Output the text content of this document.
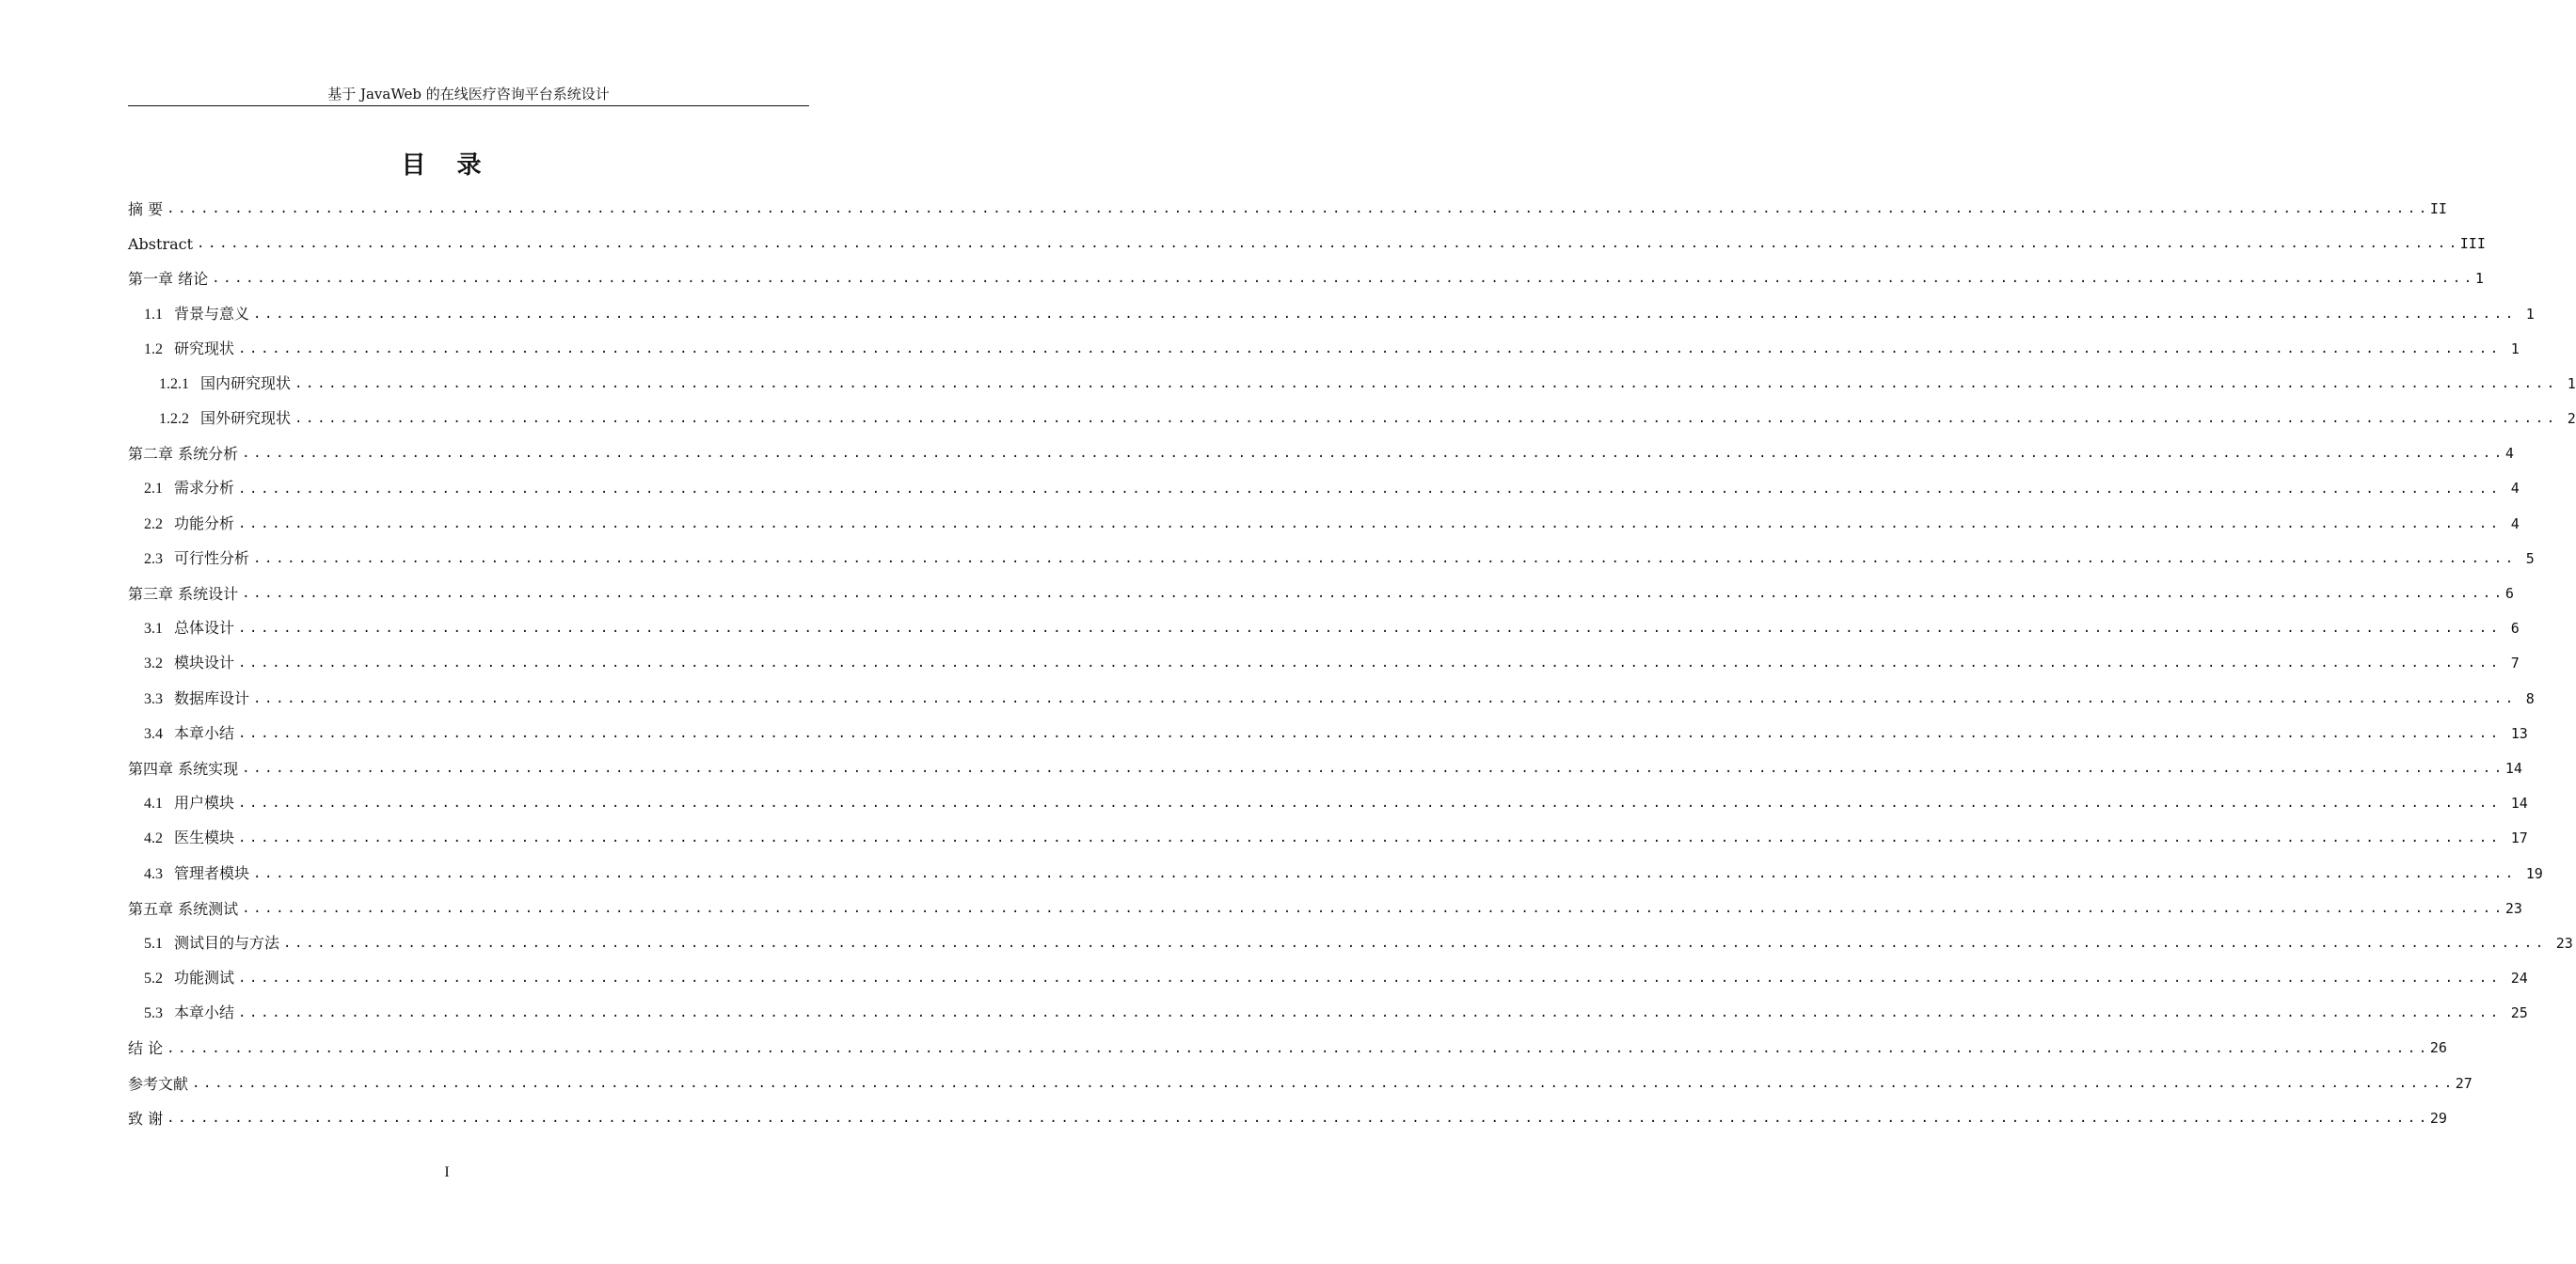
基于 JavaWeb 的在线医疗咨询平台系统设计
目 录
摘 要 ........................................................................................................................................................................................................ II
Abstract ........................................................................................................................................................................................................ III
第一章 绪论 ........................................................................................................................................................................................................ 1
1.1 背景与意义 ........................................................................................................................................................................................................ 1
1.2 研究现状 ........................................................................................................................................................................................................ 1
1.2.1 国内研究现状 ........................................................................................................................................................................................................ 1
1.2.2 国外研究现状 ........................................................................................................................................................................................................ 2
第二章 系统分析 ........................................................................................................................................................................................................ 4
2.1 需求分析 ........................................................................................................................................................................................................ 4
2.2 功能分析 ........................................................................................................................................................................................................ 4
2.3 可行性分析 ........................................................................................................................................................................................................ 5
第三章 系统设计 ........................................................................................................................................................................................................ 6
3.1 总体设计 ........................................................................................................................................................................................................ 6
3.2 模块设计 ........................................................................................................................................................................................................ 7
3.3 数据库设计 ........................................................................................................................................................................................................ 8
3.4 本章小结 ........................................................................................................................................................................................................ 13
第四章 系统实现 ........................................................................................................................................................................................................ 14
4.1 用户模块 ........................................................................................................................................................................................................ 14
4.2 医生模块 ........................................................................................................................................................................................................ 17
4.3 管理者模块 ........................................................................................................................................................................................................ 19
第五章 系统测试 ........................................................................................................................................................................................................ 23
5.1 测试目的与方法 ........................................................................................................................................................................................................ 23
5.2 功能测试 ........................................................................................................................................................................................................ 24
5.3 本章小结 ........................................................................................................................................................................................................ 25
结 论 ........................................................................................................................................................................................................ 26
参考文献 ........................................................................................................................................................................................................ 27
致 谢 ........................................................................................................................................................................................................ 29
I
